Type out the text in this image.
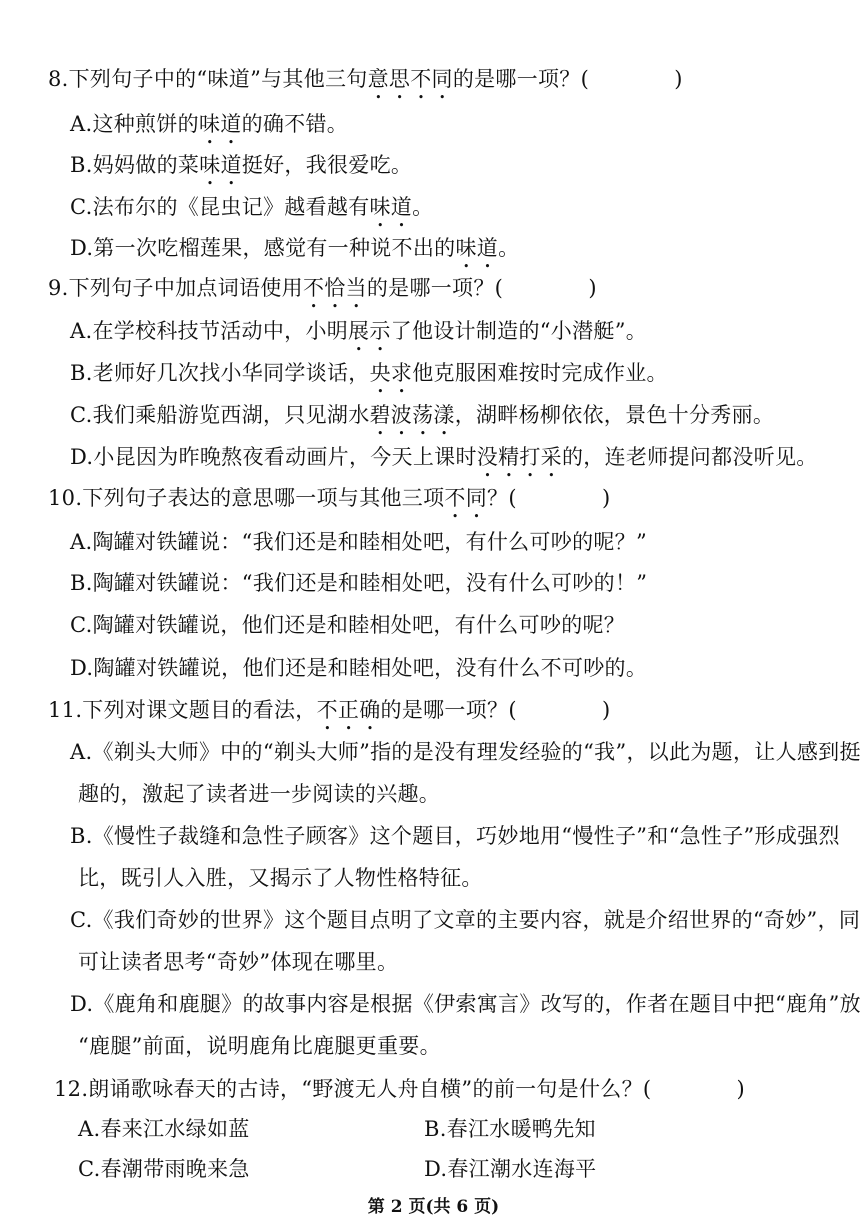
8.下列句子中的“味道”与其他三句意思不同的是哪一项？(　　　　)
A.这种煎饼的味道的确不错。
B.妈妈做的菜味道挺好，我很爱吃。
C.法布尔的《昆虫记》越看越有味道。
D.第一次吃榴莲果，感觉有一种说不出的味道。
9.下列句子中加点词语使用不恰当的是哪一项？(　　　　)
A.在学校科技节活动中，小明展示了他设计制造的“小潜艇”。
B.老师好几次找小华同学谈话，央求他克服困难按时完成作业。
C.我们乘船游览西湖，只见湖水碧波荡漾，湖畔杨柳依依，景色十分秀丽。
D.小昆因为昨晚熬夜看动画片，今天上课时没精打采的，连老师提问都没听见。
10.下列句子表达的意思哪一项与其他三项不同？(　　　　)
A.陶罐对铁罐说：“我们还是和睦相处吧，有什么可吵的呢？”
B.陶罐对铁罐说：“我们还是和睦相处吧，没有什么可吵的！”
C.陶罐对铁罐说，他们还是和睦相处吧，有什么可吵的呢？
D.陶罐对铁罐说，他们还是和睦相处吧，没有什么不可吵的。
11.下列对课文题目的看法，不正确的是哪一项？(　　　　)
A.《剃头大师》中的“剃头大师”指的是没有理发经验的“我”，以此为题，让人感到挺
趣的，激起了读者进一步阅读的兴趣。
B.《慢性子裁缝和急性子顾客》这个题目，巧妙地用“慢性子”和“急性子”形成强烈
比，既引人入胜，又揭示了人物性格特征。
C.《我们奇妙的世界》这个题目点明了文章的主要内容，就是介绍世界的“奇妙”，同
可让读者思考“奇妙”体现在哪里。
D.《鹿角和鹿腿》的故事内容是根据《伊索寓言》改写的，作者在题目中把“鹿角”放
“鹿腿”前面，说明鹿角比鹿腿更重要。
12.朗诵歌咏春天的古诗，“野渡无人舟自横”的前一句是什么？(　　　　)
A.春来江水绿如蓝	B.春江水暖鸭先知
C.春潮带雨晚来急	D.春江潮水连海平
第 2 页(共 6 页)
